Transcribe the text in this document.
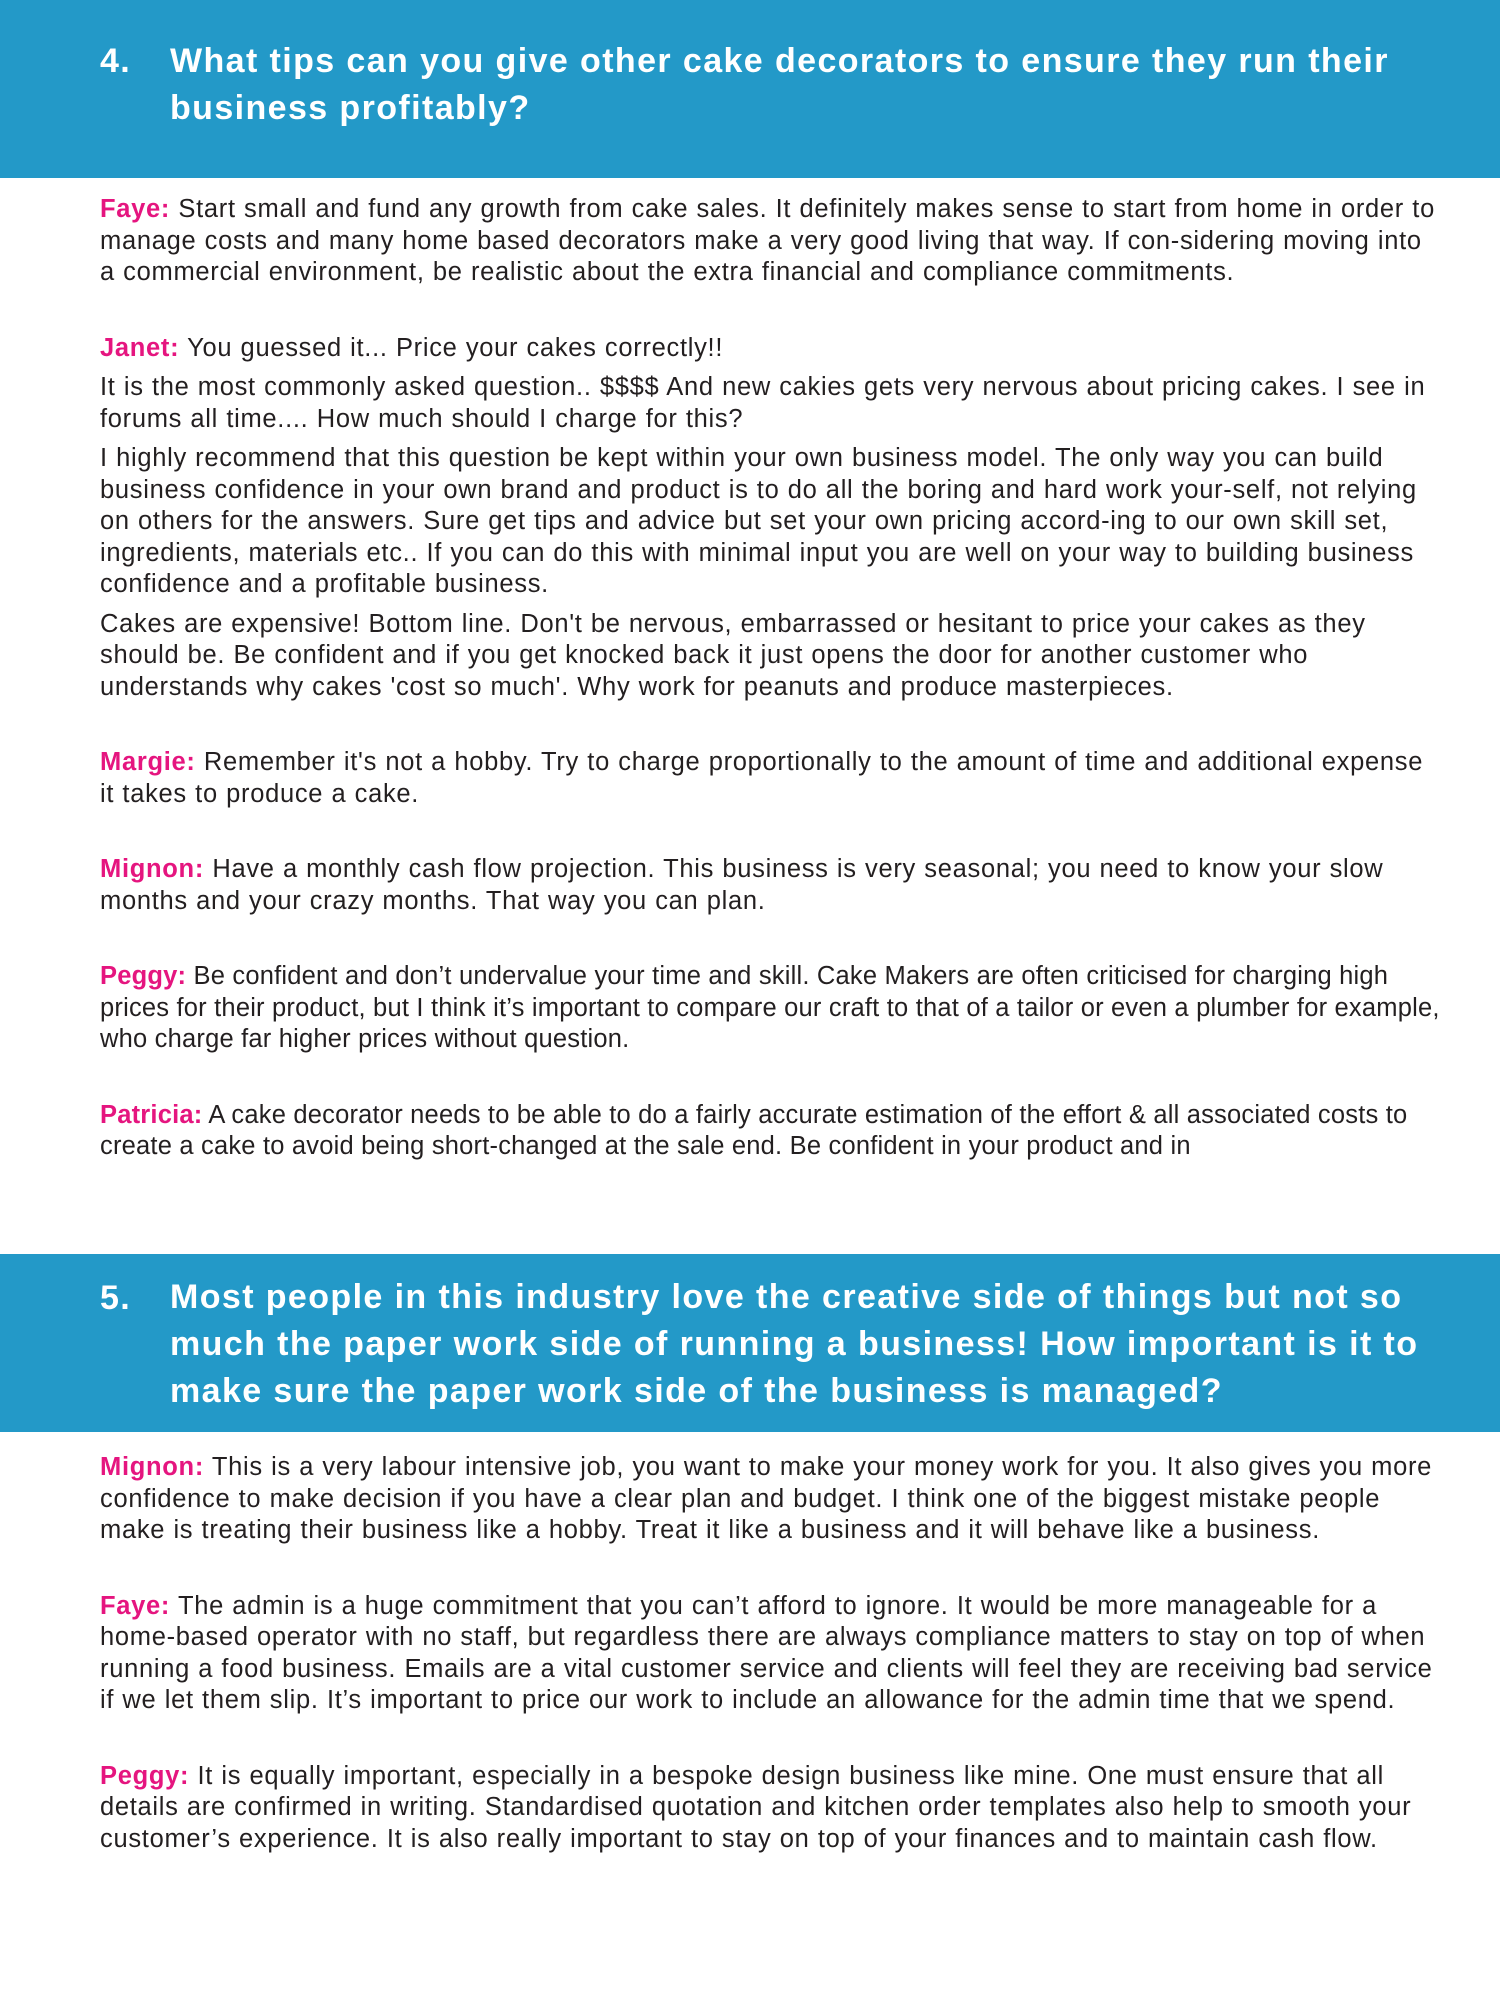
4. What tips can you give other cake decorators to ensure they run their business profitably?

Faye: Start small and fund any growth from cake sales. It definitely makes sense to start from home in order to manage costs and many home based decorators make a very good living that way. If con-sidering moving into a commercial environment, be realistic about the extra financial and compliance commitments.

Janet: You guessed it... Price your cakes correctly!!

It is the most commonly asked question.. $$$$ And new cakies gets very nervous about pricing cakes. I see in forums all time.... How much should I charge for this?

I highly recommend that this question be kept within your own business model. The only way you can build business confidence in your own brand and product is to do all the boring and hard work your-self, not relying on others for the answers. Sure get tips and advice but set your own pricing accord-ing to our own skill set, ingredients, materials etc.. If you can do this with minimal input you are well on your way to building business confidence and a profitable business.

Cakes are expensive! Bottom line. Don't be nervous, embarrassed or hesitant to price your cakes as they should be. Be confident and if you get knocked back it just opens the door for another customer who understands why cakes 'cost so much'. Why work for peanuts and produce masterpieces.

Margie: Remember it's not a hobby. Try to charge proportionally to the amount of time and additional expense it takes to produce a cake.

Mignon: Have a monthly cash flow projection. This business is very seasonal; you need to know your slow months and your crazy months. That way you can plan.

Peggy: Be confident and don’t undervalue your time and skill. Cake Makers are often criticised for charging high prices for their product, but I think it’s important to compare our craft to that of a tailor or even a plumber for example, who charge far higher prices without question.

Patricia: A cake decorator needs to be able to do a fairly accurate estimation of the effort & all associated costs to create a cake to avoid being short-changed at the sale end. Be confident in your product and in

5. Most people in this industry love the creative side of things but not so much the paper work side of running a business! How important is it to make sure the paper work side of the business is managed?

Mignon: This is a very labour intensive job, you want to make your money work for you. It also gives you more confidence to make decision if you have a clear plan and budget. I think one of the biggest mistake people make is treating their business like a hobby. Treat it like a business and it will behave like a business.

Faye: The admin is a huge commitment that you can’t afford to ignore. It would be more manageable for a home-based operator with no staff, but regardless there are always compliance matters to stay on top of when running a food business. Emails are a vital customer service and clients will feel they are receiving bad service if we let them slip. It’s important to price our work to include an allowance for the admin time that we spend.

Peggy: It is equally important, especially in a bespoke design business like mine. One must ensure that all details are confirmed in writing. Standardised quotation and kitchen order templates also help to smooth your customer’s experience. It is also really important to stay on top of your finances and to maintain cash flow.
